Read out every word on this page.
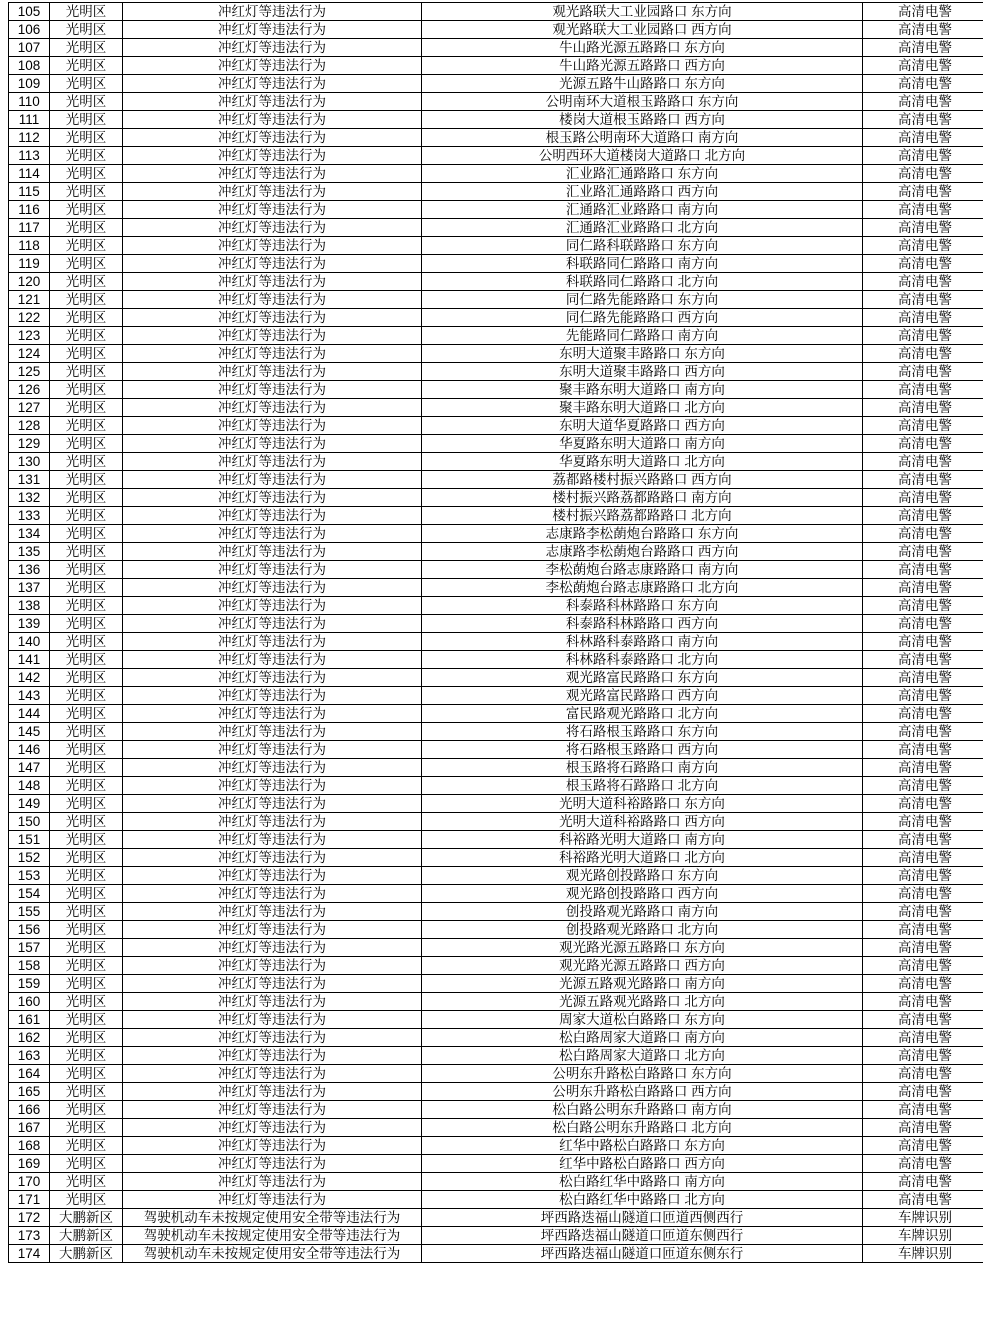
105	光明区	冲红灯等违法行为	观光路联大工业园路口 东方向	高清电警
106	光明区	冲红灯等违法行为	观光路联大工业园路口 西方向	高清电警
107	光明区	冲红灯等违法行为	牛山路光源五路路口 东方向	高清电警
108	光明区	冲红灯等违法行为	牛山路光源五路路口 西方向	高清电警
109	光明区	冲红灯等违法行为	光源五路牛山路路口 东方向	高清电警
110	光明区	冲红灯等违法行为	公明南环大道根玉路路口 东方向	高清电警
111	光明区	冲红灯等违法行为	楼岗大道根玉路路口 西方向	高清电警
112	光明区	冲红灯等违法行为	根玉路公明南环大道路口 南方向	高清电警
113	光明区	冲红灯等违法行为	公明西环大道楼岗大道路口 北方向	高清电警
114	光明区	冲红灯等违法行为	汇业路汇通路路口 东方向	高清电警
115	光明区	冲红灯等违法行为	汇业路汇通路路口 西方向	高清电警
116	光明区	冲红灯等违法行为	汇通路汇业路路口 南方向	高清电警
117	光明区	冲红灯等违法行为	汇通路汇业路路口 北方向	高清电警
118	光明区	冲红灯等违法行为	同仁路科联路路口 东方向	高清电警
119	光明区	冲红灯等违法行为	科联路同仁路路口 南方向	高清电警
120	光明区	冲红灯等违法行为	科联路同仁路路口 北方向	高清电警
121	光明区	冲红灯等违法行为	同仁路先能路路口 东方向	高清电警
122	光明区	冲红灯等违法行为	同仁路先能路路口 西方向	高清电警
123	光明区	冲红灯等违法行为	先能路同仁路路口 南方向	高清电警
124	光明区	冲红灯等违法行为	东明大道聚丰路路口 东方向	高清电警
125	光明区	冲红灯等违法行为	东明大道聚丰路路口 西方向	高清电警
126	光明区	冲红灯等违法行为	聚丰路东明大道路口 南方向	高清电警
127	光明区	冲红灯等违法行为	聚丰路东明大道路口 北方向	高清电警
128	光明区	冲红灯等违法行为	东明大道华夏路路口 西方向	高清电警
129	光明区	冲红灯等违法行为	华夏路东明大道路口 南方向	高清电警
130	光明区	冲红灯等违法行为	华夏路东明大道路口 北方向	高清电警
131	光明区	冲红灯等违法行为	荔都路楼村振兴路路口 西方向	高清电警
132	光明区	冲红灯等违法行为	楼村振兴路荔都路路口 南方向	高清电警
133	光明区	冲红灯等违法行为	楼村振兴路荔都路路口 北方向	高清电警
134	光明区	冲红灯等违法行为	志康路李松蓢炮台路路口 东方向	高清电警
135	光明区	冲红灯等违法行为	志康路李松蓢炮台路路口 西方向	高清电警
136	光明区	冲红灯等违法行为	李松蓢炮台路志康路路口 南方向	高清电警
137	光明区	冲红灯等违法行为	李松蓢炮台路志康路路口 北方向	高清电警
138	光明区	冲红灯等违法行为	科泰路科林路路口 东方向	高清电警
139	光明区	冲红灯等违法行为	科泰路科林路路口 西方向	高清电警
140	光明区	冲红灯等违法行为	科林路科泰路路口 南方向	高清电警
141	光明区	冲红灯等违法行为	科林路科泰路路口 北方向	高清电警
142	光明区	冲红灯等违法行为	观光路富民路路口 东方向	高清电警
143	光明区	冲红灯等违法行为	观光路富民路路口 西方向	高清电警
144	光明区	冲红灯等违法行为	富民路观光路路口 北方向	高清电警
145	光明区	冲红灯等违法行为	将石路根玉路路口 东方向	高清电警
146	光明区	冲红灯等违法行为	将石路根玉路路口 西方向	高清电警
147	光明区	冲红灯等违法行为	根玉路将石路路口 南方向	高清电警
148	光明区	冲红灯等违法行为	根玉路将石路路口 北方向	高清电警
149	光明区	冲红灯等违法行为	光明大道科裕路路口 东方向	高清电警
150	光明区	冲红灯等违法行为	光明大道科裕路路口 西方向	高清电警
151	光明区	冲红灯等违法行为	科裕路光明大道路口 南方向	高清电警
152	光明区	冲红灯等违法行为	科裕路光明大道路口 北方向	高清电警
153	光明区	冲红灯等违法行为	观光路创投路路口 东方向	高清电警
154	光明区	冲红灯等违法行为	观光路创投路路口 西方向	高清电警
155	光明区	冲红灯等违法行为	创投路观光路路口 南方向	高清电警
156	光明区	冲红灯等违法行为	创投路观光路路口 北方向	高清电警
157	光明区	冲红灯等违法行为	观光路光源五路路口 东方向	高清电警
158	光明区	冲红灯等违法行为	观光路光源五路路口 西方向	高清电警
159	光明区	冲红灯等违法行为	光源五路观光路路口 南方向	高清电警
160	光明区	冲红灯等违法行为	光源五路观光路路口 北方向	高清电警
161	光明区	冲红灯等违法行为	周家大道松白路路口 东方向	高清电警
162	光明区	冲红灯等违法行为	松白路周家大道路口 南方向	高清电警
163	光明区	冲红灯等违法行为	松白路周家大道路口 北方向	高清电警
164	光明区	冲红灯等违法行为	公明东升路松白路路口 东方向	高清电警
165	光明区	冲红灯等违法行为	公明东升路松白路路口 西方向	高清电警
166	光明区	冲红灯等违法行为	松白路公明东升路路口 南方向	高清电警
167	光明区	冲红灯等违法行为	松白路公明东升路路口 北方向	高清电警
168	光明区	冲红灯等违法行为	红华中路松白路路口 东方向	高清电警
169	光明区	冲红灯等违法行为	红华中路松白路路口 西方向	高清电警
170	光明区	冲红灯等违法行为	松白路红华中路路口 南方向	高清电警
171	光明区	冲红灯等违法行为	松白路红华中路路口 北方向	高清电警
172	大鹏新区	驾驶机动车未按规定使用安全带等违法行为	坪西路迭福山隧道口匝道西侧西行	车牌识别
173	大鹏新区	驾驶机动车未按规定使用安全带等违法行为	坪西路迭福山隧道口匝道东侧西行	车牌识别
174	大鹏新区	驾驶机动车未按规定使用安全带等违法行为	坪西路迭福山隧道口匝道东侧东行	车牌识别
